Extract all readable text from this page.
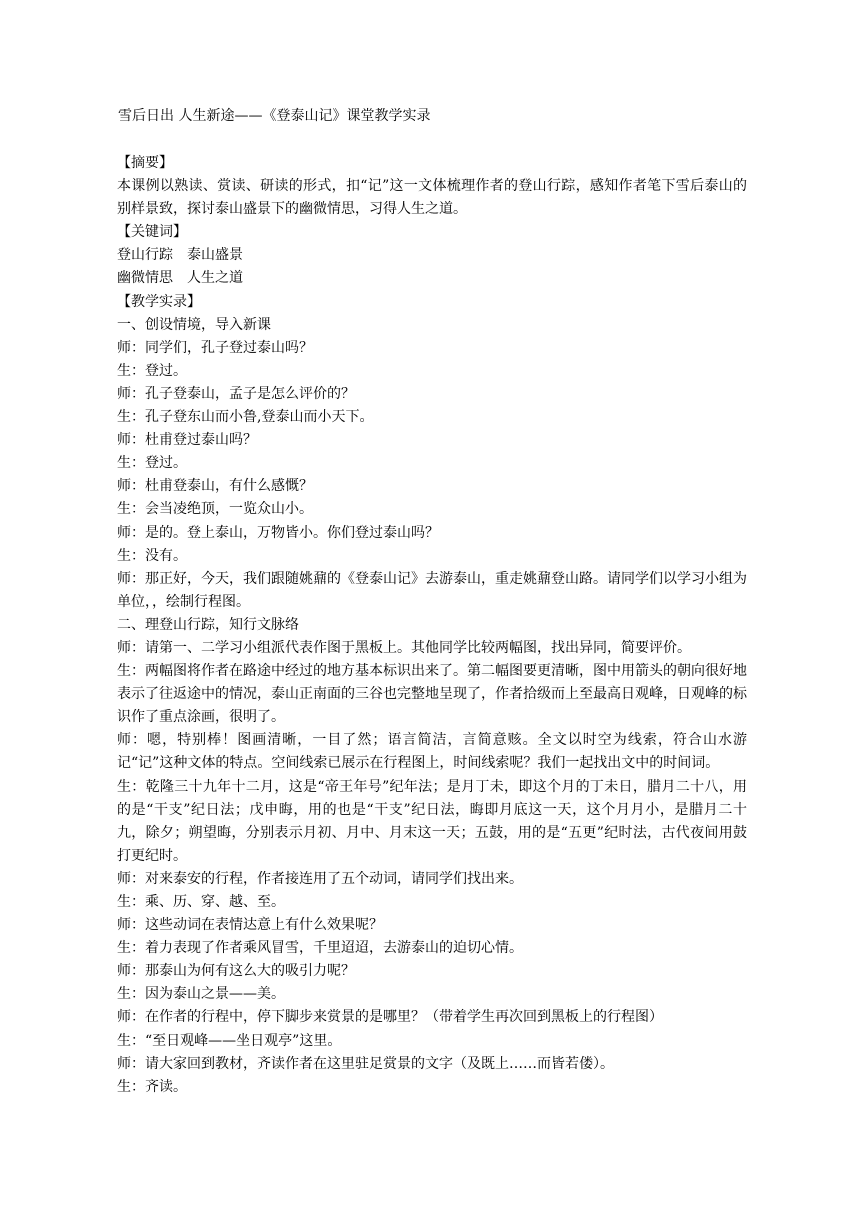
雪后日出 人生新途——《登泰山记》课堂教学实录

【摘要】

本课例以熟读、赏读、研读的形式，扣“记”这一文体梳理作者的登山行踪，感知作者笔下雪后泰山的别样景致，探讨泰山盛景下的幽微情思，习得人生之道。

【关键词】

登山行踪　泰山盛景

幽微情思　人生之道

【教学实录】

一、创设情境，导入新课

师：同学们，孔子登过泰山吗？

生：登过。

师：孔子登泰山，孟子是怎么评价的？

生：孔子登东山而小鲁,登泰山而小天下。

师：杜甫登过泰山吗？

生：登过。

师：杜甫登泰山，有什么感慨？

生：会当凌绝顶，一览众山小。

师：是的。登上泰山，万物皆小。你们登过泰山吗？

生：没有。

师：那正好，今天，我们跟随姚鼐的《登泰山记》去游泰山，重走姚鼐登山路。请同学们以学习小组为单位，，绘制行程图。

二、理登山行踪，知行文脉络

师：请第一、二学习小组派代表作图于黑板上。其他同学比较两幅图，找出异同，简要评价。

生：两幅图将作者在路途中经过的地方基本标识出来了。第二幅图要更清晰，图中用箭头的朝向很好地表示了往返途中的情况，泰山正南面的三谷也完整地呈现了，作者拾级而上至最高日观峰，日观峰的标识作了重点涂画，很明了。

师：嗯，特别棒！图画清晰，一目了然；语言简洁，言简意赅。全文以时空为线索，符合山水游记“记”这种文体的特点。空间线索已展示在行程图上，时间线索呢？我们一起找出文中的时间词。

生：乾隆三十九年十二月，这是“帝王年号”纪年法；是月丁未，即这个月的丁未日，腊月二十八，用的是“干支”纪日法；戊申晦，用的也是“干支”纪日法，晦即月底这一天，这个月月小，是腊月二十九，除夕；朔望晦，分别表示月初、月中、月末这一天；五鼓，用的是“五更”纪时法，古代夜间用鼓打更纪时。

师：对来泰安的行程，作者接连用了五个动词，请同学们找出来。

生：乘、历、穿、越、至。

师：这些动词在表情达意上有什么效果呢？

生：着力表现了作者乘风冒雪，千里迢迢，去游泰山的迫切心情。

师：那泰山为何有这么大的吸引力呢？

生：因为泰山之景——美。

师：在作者的行程中，停下脚步来赏景的是哪里？（带着学生再次回到黑板上的行程图）

生：“至日观峰——坐日观亭”这里。

师：请大家回到教材，齐读作者在这里驻足赏景的文字（及既上……而皆若偻）。

生：齐读。
